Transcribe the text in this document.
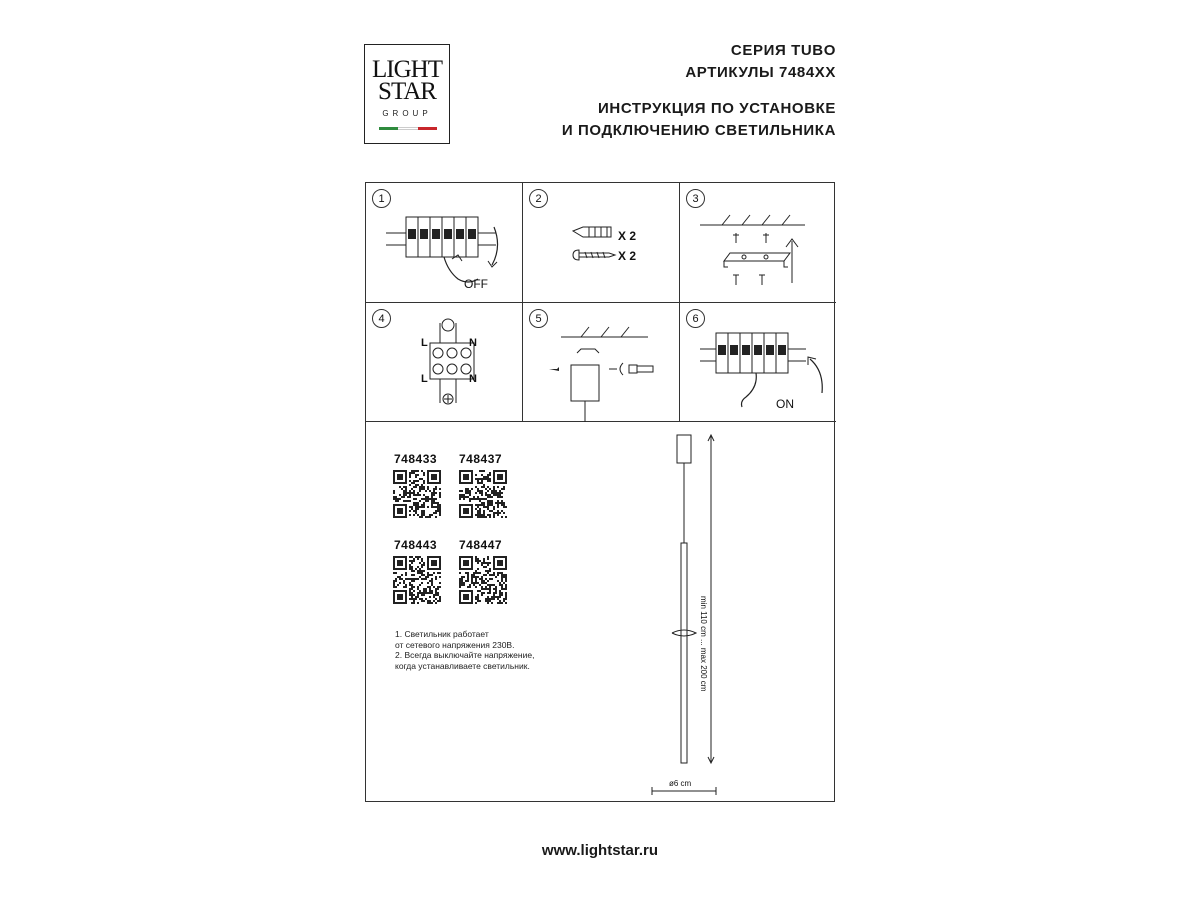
LIGHT
STAR
GROUP
СЕРИЯ TUBO
АРТИКУЛЫ 7484XX
ИНСТРУКЦИЯ ПО УСТАНОВКЕ
И ПОДКЛЮЧЕНИЮ СВЕТИЛЬНИКА
1
OFF
2
X 2
X 2
3
4
L	N
L	N
5	6
ON
748433 748437
748443 748447
min 110 cm ... max 200 cm
ø6 cm
1. Светильник работает
от сетевого напряжения 230В.
2. Всегда выключайте напряжение,
когда устанавливаете светильник.
www.lightstar.ru
